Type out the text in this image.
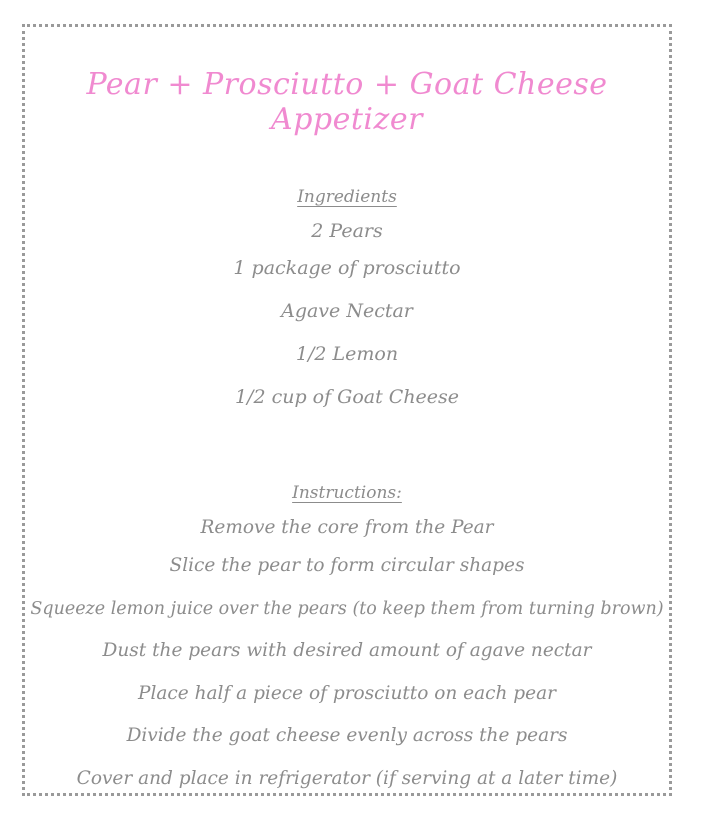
Pear + Prosciutto + Goat Cheese Appetizer
Ingredients
2 Pears
1 package of prosciutto
Agave Nectar
1/2 Lemon
1/2 cup of Goat Cheese
Instructions:
Remove the core from the Pear
Slice the pear to form circular shapes
Squeeze lemon juice over the pears (to keep them from turning brown)
Dust the pears with desired amount of agave nectar
Place half a piece of prosciutto on each pear
Divide the goat cheese evenly across the pears
Cover and place in refrigerator (if serving at a later time)
